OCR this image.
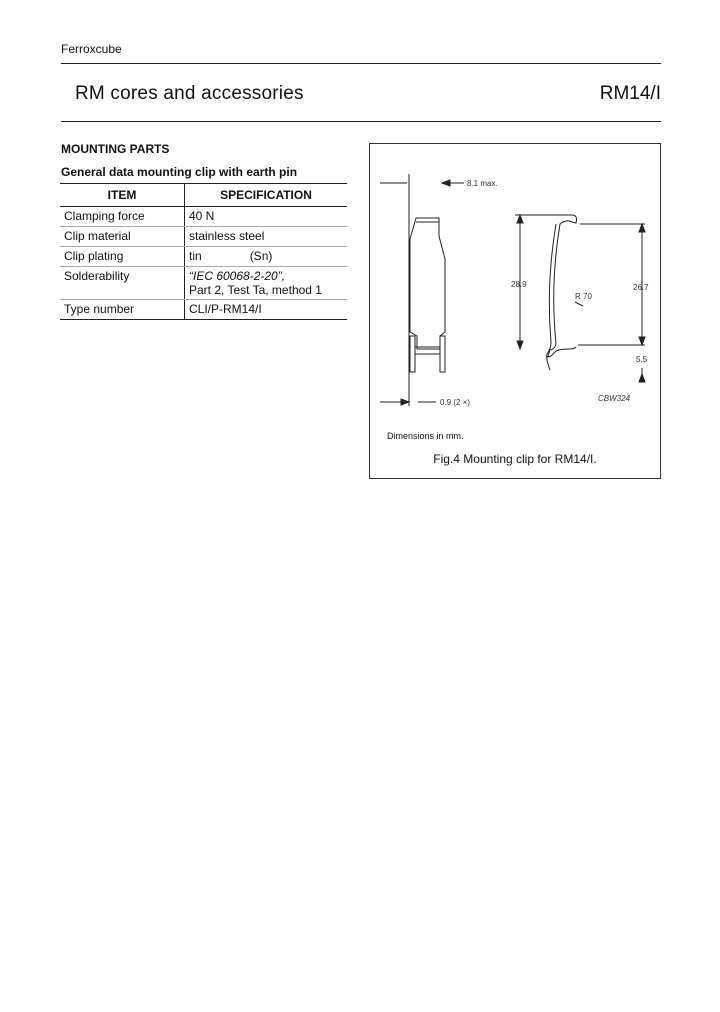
Ferroxcube
RM cores and accessories	RM14/I
MOUNTING PARTS
General data mounting clip with earth pin
ITEM	SPECIFICATION
Clamping force	40 N
Clip material	stainless steel
Clip plating	tin (Sn)
Solderability	“IEC 60068-2-20”,
Part 2, Test Ta, method 1

Type number	CLI/P-RM14/I
8.1 max.
28.9
R 70
26.7
5.5
0.9 (2 ×)	CBW324
Dimensions in mm.
Fig.4 Mounting clip for RM14/I.
